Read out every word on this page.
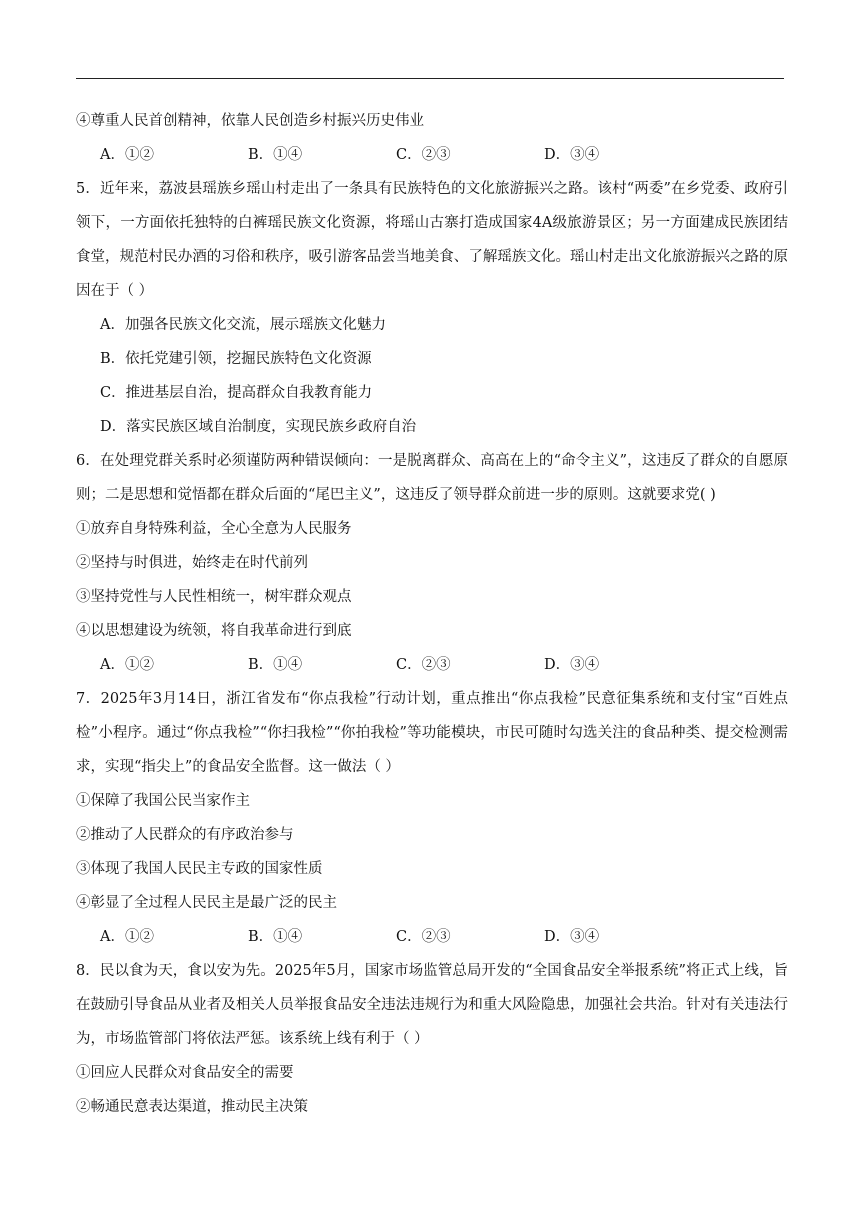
④尊重人民首创精神，依靠人民创造乡村振兴历史伟业
A．①②	B．①④	C．②③	D．③④
5．近年来，荔波县瑶族乡瑶山村走出了一条具有民族特色的文化旅游振兴之路。该村“两委”在乡党委、政府引领下，一方面依托独特的白裤瑶民族文化资源，将瑶山古寨打造成国家4A级旅游景区；另一方面建成民族团结食堂，规范村民办酒的习俗和秩序，吸引游客品尝当地美食、了解瑶族文化。瑶山村走出文化旅游振兴之路的原因在于（ ）
A．加强各民族文化交流，展示瑶族文化魅力
B．依托党建引领，挖掘民族特色文化资源
C．推进基层自治，提高群众自我教育能力
D．落实民族区域自治制度，实现民族乡政府自治
6．在处理党群关系时必须谨防两种错误倾向：一是脱离群众、高高在上的“命令主义”，这违反了群众的自愿原则；二是思想和觉悟都在群众后面的“尾巴主义”，这违反了领导群众前进一步的原则。这就要求党( )
①放弃自身特殊利益，全心全意为人民服务
②坚持与时俱进，始终走在时代前列
③坚持党性与人民性相统一，树牢群众观点
④以思想建设为统领，将自我革命进行到底
A．①②	B．①④	C．②③	D．③④
7．2025年3月14日，浙江省发布“你点我检”行动计划，重点推出“你点我检”民意征集系统和支付宝“百姓点检”小程序。通过“你点我检”“你扫我检”“你拍我检”等功能模块，市民可随时勾选关注的食品种类、提交检测需求，实现“指尖上”的食品安全监督。这一做法（ ）
①保障了我国公民当家作主
②推动了人民群众的有序政治参与
③体现了我国人民民主专政的国家性质
④彰显了全过程人民民主是最广泛的民主
A．①②	B．①④	C．②③	D．③④
8．民以食为天，食以安为先。2025年5月，国家市场监管总局开发的“全国食品安全举报系统”将正式上线，旨在鼓励引导食品从业者及相关人员举报食品安全违法违规行为和重大风险隐患，加强社会共治。针对有关违法行为，市场监管部门将依法严惩。该系统上线有利于（ ）
①回应人民群众对食品安全的需要
②畅通民意表达渠道，推动民主决策
